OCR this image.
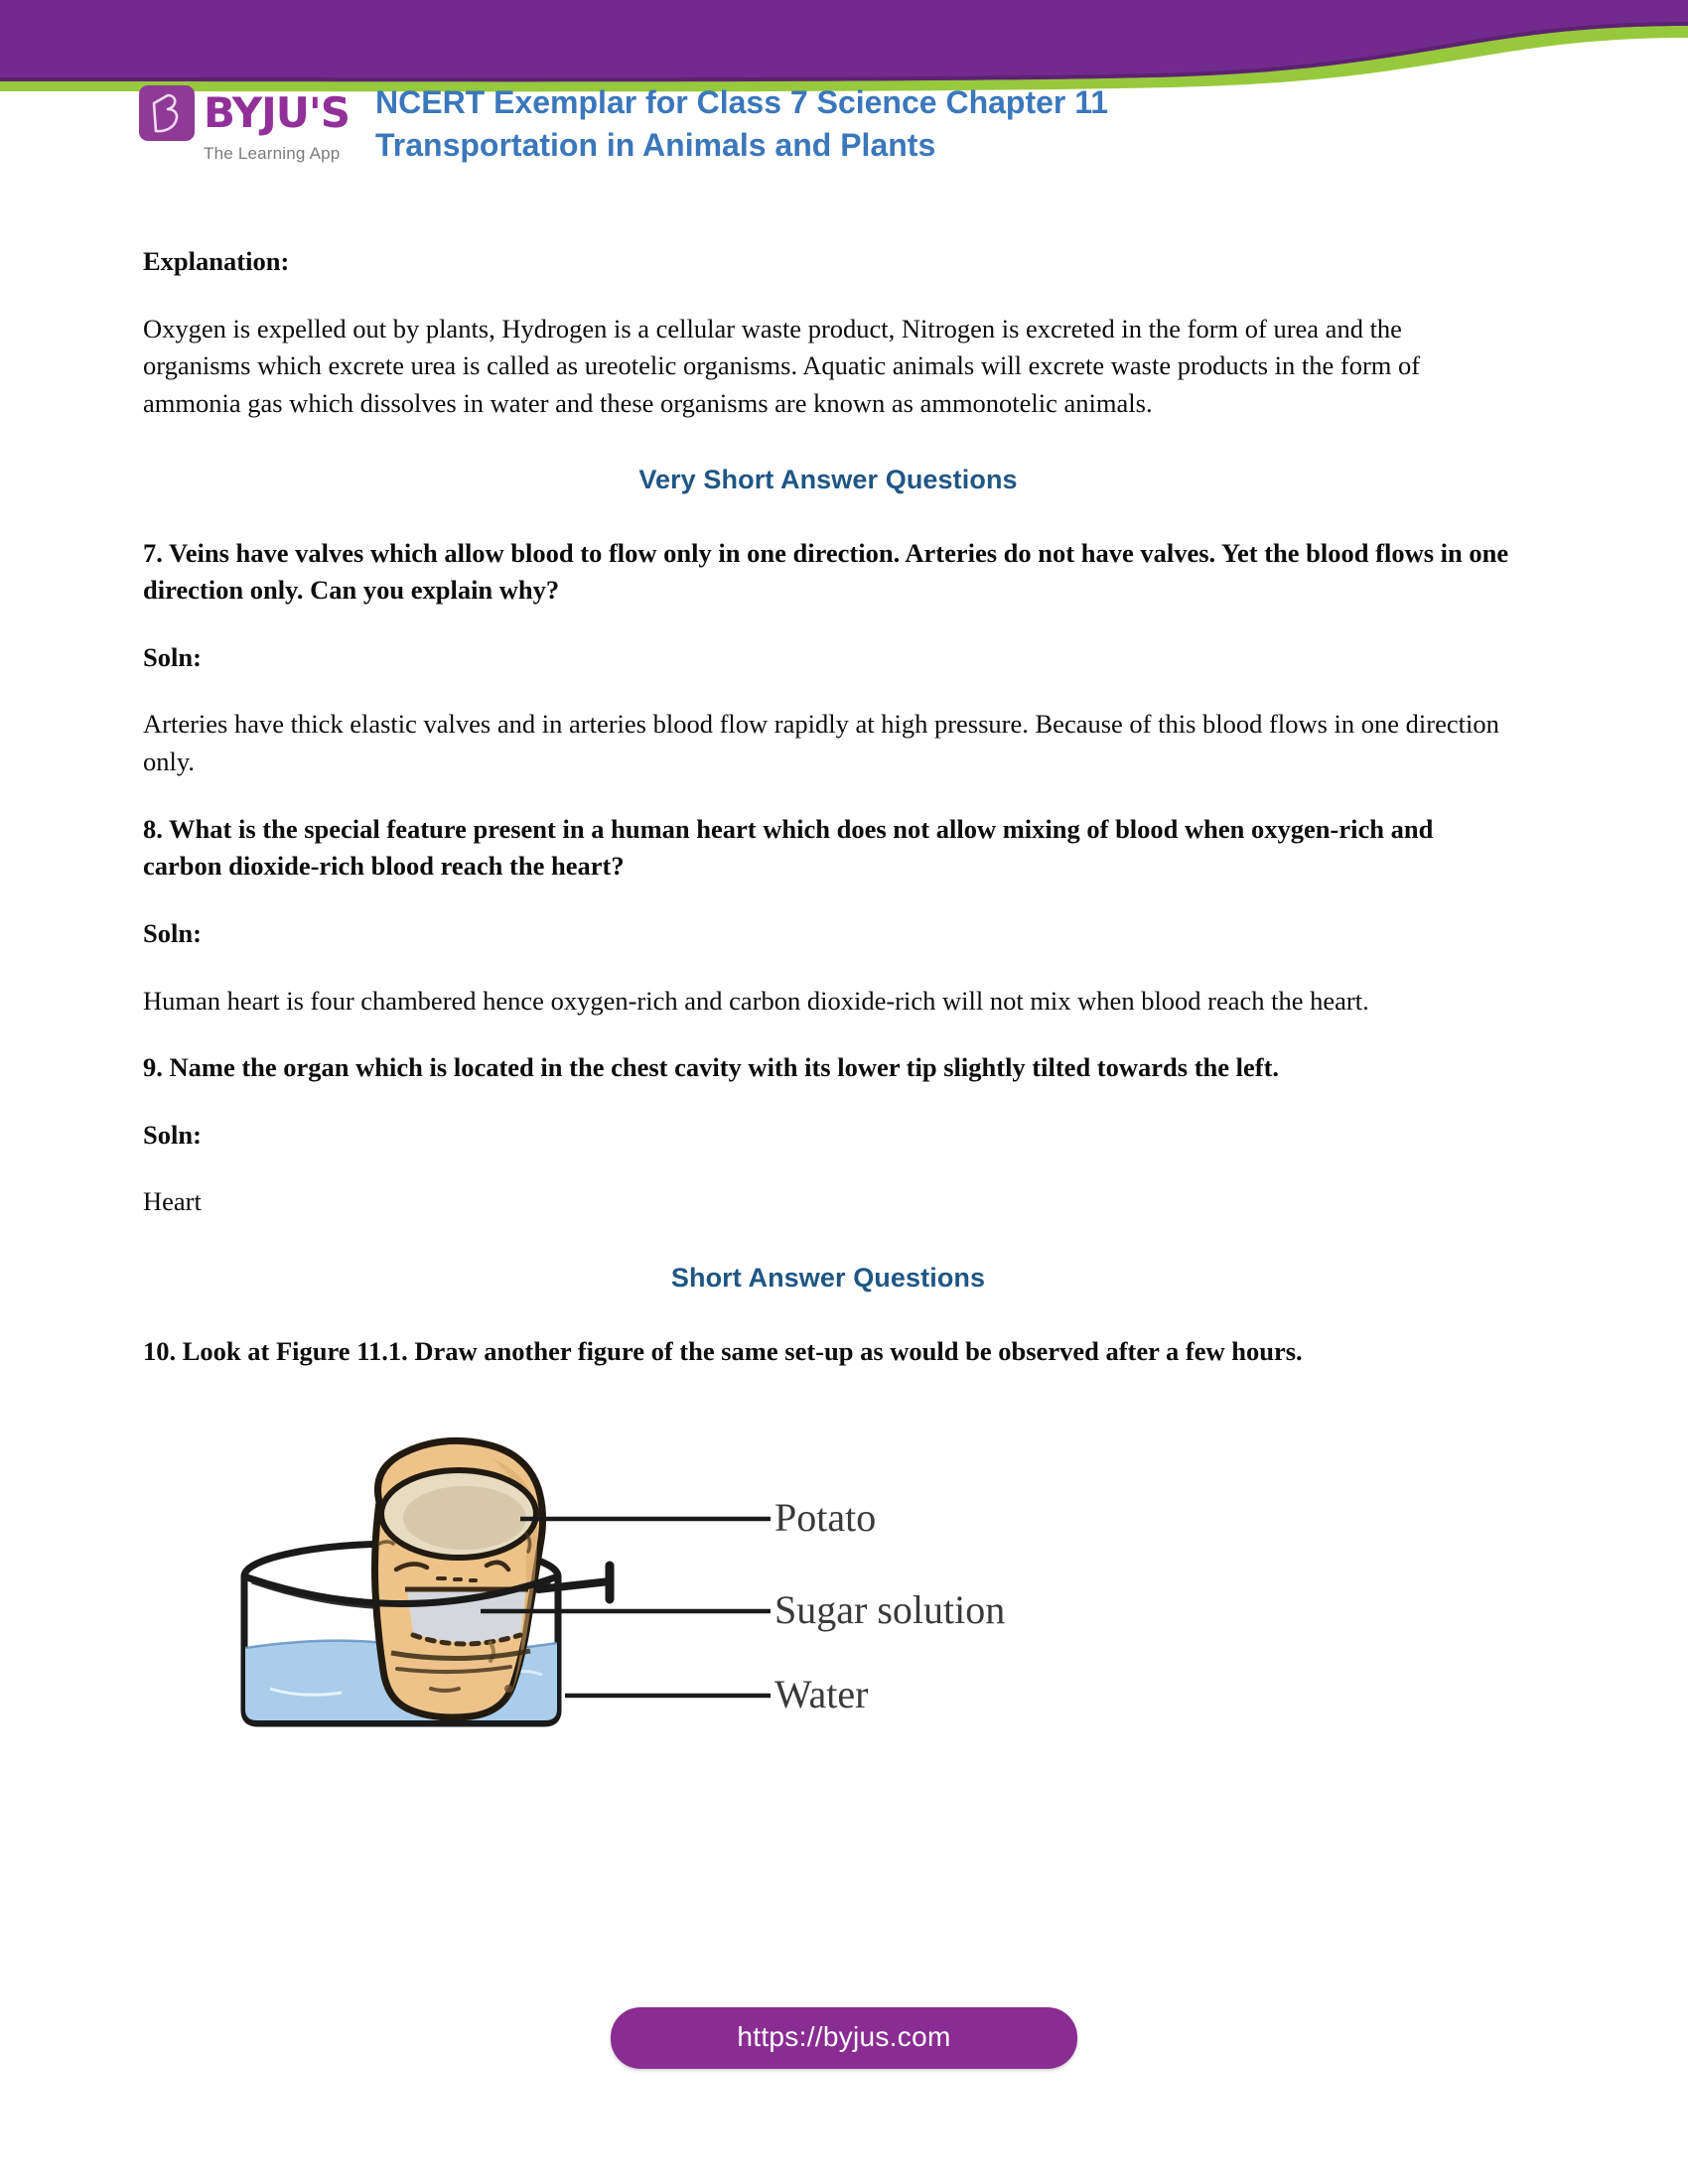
BYJU'S
The Learning App
NCERT Exemplar for Class 7 Science Chapter 11
Transportation in Animals and Plants

Explanation:

Oxygen is expelled out by plants, Hydrogen is a cellular waste product, Nitrogen is excreted in the form of urea and the organisms which excrete urea is called as ureotelic organisms. Aquatic animals will excrete waste products in the form of ammonia gas which dissolves in water and these organisms are known as ammonotelic animals.

Very Short Answer Questions

7. Veins have valves which allow blood to flow only in one direction. Arteries do not have valves. Yet the blood flows in one direction only. Can you explain why?

Soln:

Arteries have thick elastic valves and in arteries blood flow rapidly at high pressure. Because of this blood flows in one direction only.

8. What is the special feature present in a human heart which does not allow mixing of blood when oxygen-rich and carbon dioxide-rich blood reach the heart?

Soln:

Human heart is four chambered hence oxygen-rich and carbon dioxide-rich will not mix when blood reach the heart.

9. Name the organ which is located in the chest cavity with its lower tip slightly tilted towards the left.

Soln:

Heart

Short Answer Questions

10. Look at Figure 11.1. Draw another figure of the same set-up as would be observed after a few hours.

Potato
Sugar solution
Water
https://byjus.com
